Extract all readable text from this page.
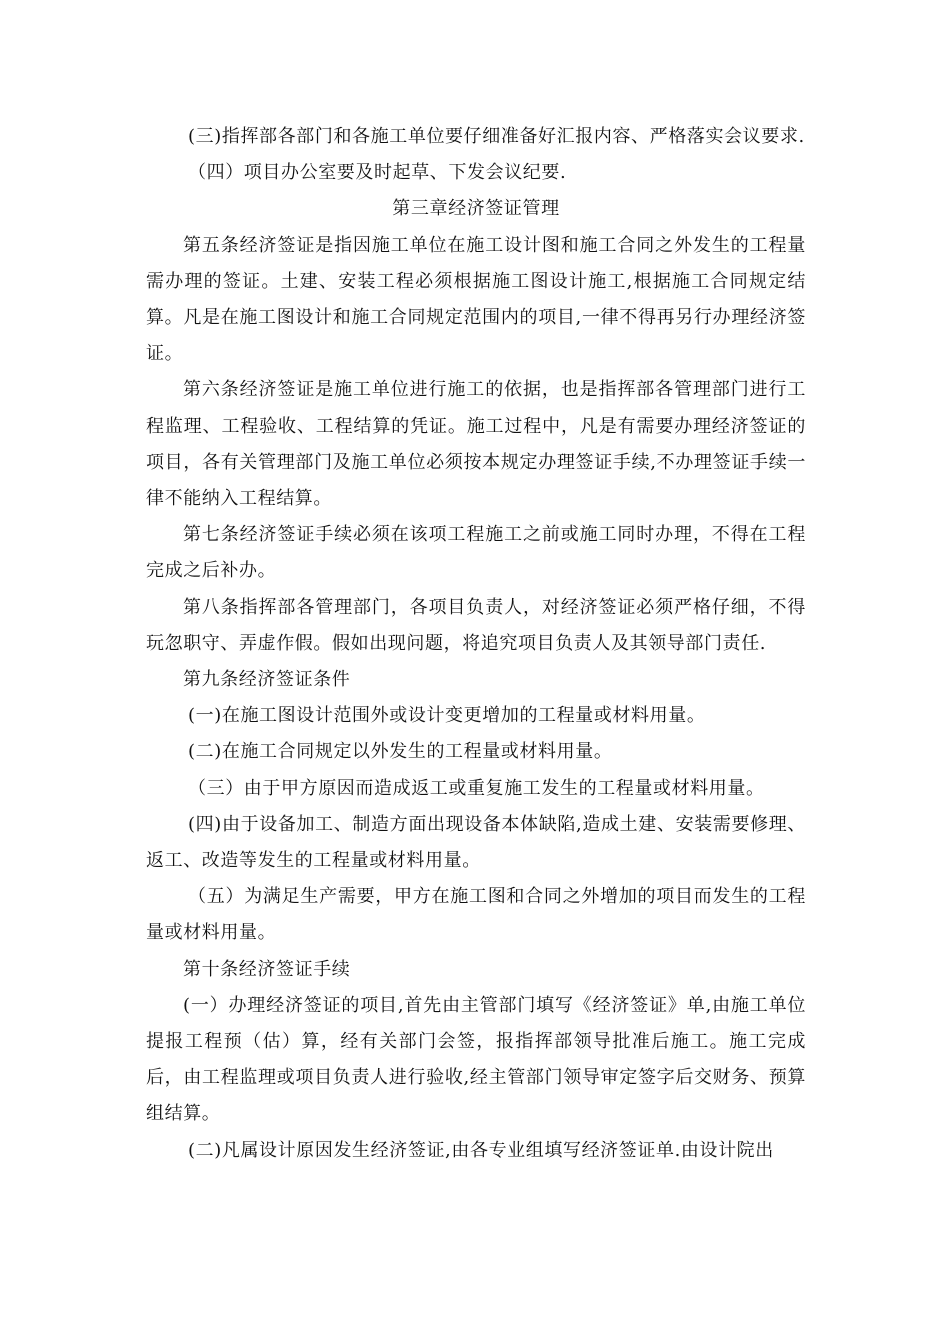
(三)指挥部各部门和各施工单位要仔细准备好汇报内容、严格落实会议要求.

（四）项目办公室要及时起草、下发会议纪要.

第三章经济签证管理

第五条经济签证是指因施工单位在施工设计图和施工合同之外发生的工程量需办理的签证。土建、安装工程必须根据施工图设计施工,根据施工合同规定结算。凡是在施工图设计和施工合同规定范围内的项目,一律不得再另行办理经济签证。

第六条经济签证是施工单位进行施工的依据，也是指挥部各管理部门进行工程监理、工程验收、工程结算的凭证。施工过程中，凡是有需要办理经济签证的项目，各有关管理部门及施工单位必须按本规定办理签证手续,不办理签证手续一律不能纳入工程结算。

第七条经济签证手续必须在该项工程施工之前或施工同时办理，不得在工程完成之后补办。

第八条指挥部各管理部门，各项目负责人，对经济签证必须严格仔细，不得玩忽职守、弄虚作假。假如出现问题，将追究项目负责人及其领导部门责任.

第九条经济签证条件

(一)在施工图设计范围外或设计变更增加的工程量或材料用量。

(二)在施工合同规定以外发生的工程量或材料用量。

（三）由于甲方原因而造成返工或重复施工发生的工程量或材料用量。

(四)由于设备加工、制造方面出现设备本体缺陷,造成土建、安装需要修理、返工、改造等发生的工程量或材料用量。

（五）为满足生产需要，甲方在施工图和合同之外增加的项目而发生的工程量或材料用量。

第十条经济签证手续

(一）办理经济签证的项目,首先由主管部门填写《经济签证》单,由施工单位提报工程预（估）算，经有关部门会签，报指挥部领导批准后施工。施工完成后，由工程监理或项目负责人进行验收,经主管部门领导审定签字后交财务、预算组结算。

(二)凡属设计原因发生经济签证,由各专业组填写经济签证单.由设计院出
